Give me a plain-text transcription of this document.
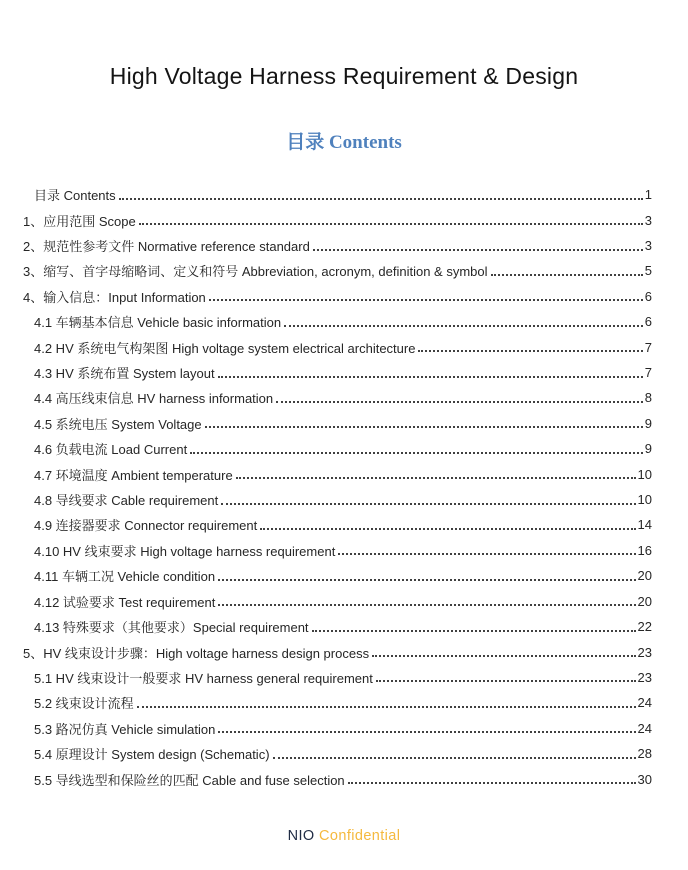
High Voltage Harness Requirement & Design
目录 Contents
目录 Contents	1
1、应用范围 Scope	3
2、规范性参考文件 Normative reference standard	3
3、缩写、首字母缩略词、定义和符号 Abbreviation, acronym, definition & symbol	5
4、输入信息：Input Information	6
4.1 车辆基本信息 Vehicle basic information	6
4.2 HV 系统电气构架图 High voltage system electrical architecture	7
4.3 HV 系统布置 System layout	7
4.4 高压线束信息 HV harness information	8
4.5 系统电压 System Voltage	9
4.6 负载电流 Load Current	9
4.7 环境温度 Ambient temperature	10
4.8 导线要求 Cable requirement	10
4.9 连接器要求 Connector requirement	14
4.10 HV 线束要求 High voltage harness requirement	16
4.11 车辆工况 Vehicle condition	20
4.12 试验要求 Test requirement	20
4.13 特殊要求（其他要求）Special requirement	22
5、HV 线束设计步骤：High voltage harness design process	23
5.1 HV 线束设计一般要求 HV harness general requirement	23
5.2 线束设计流程	24
5.3 路况仿真 Vehicle simulation	24
5.4 原理设计 System design (Schematic)	28
5.5 导线选型和保险丝的匹配 Cable and fuse selection	30
NIO Confidential
